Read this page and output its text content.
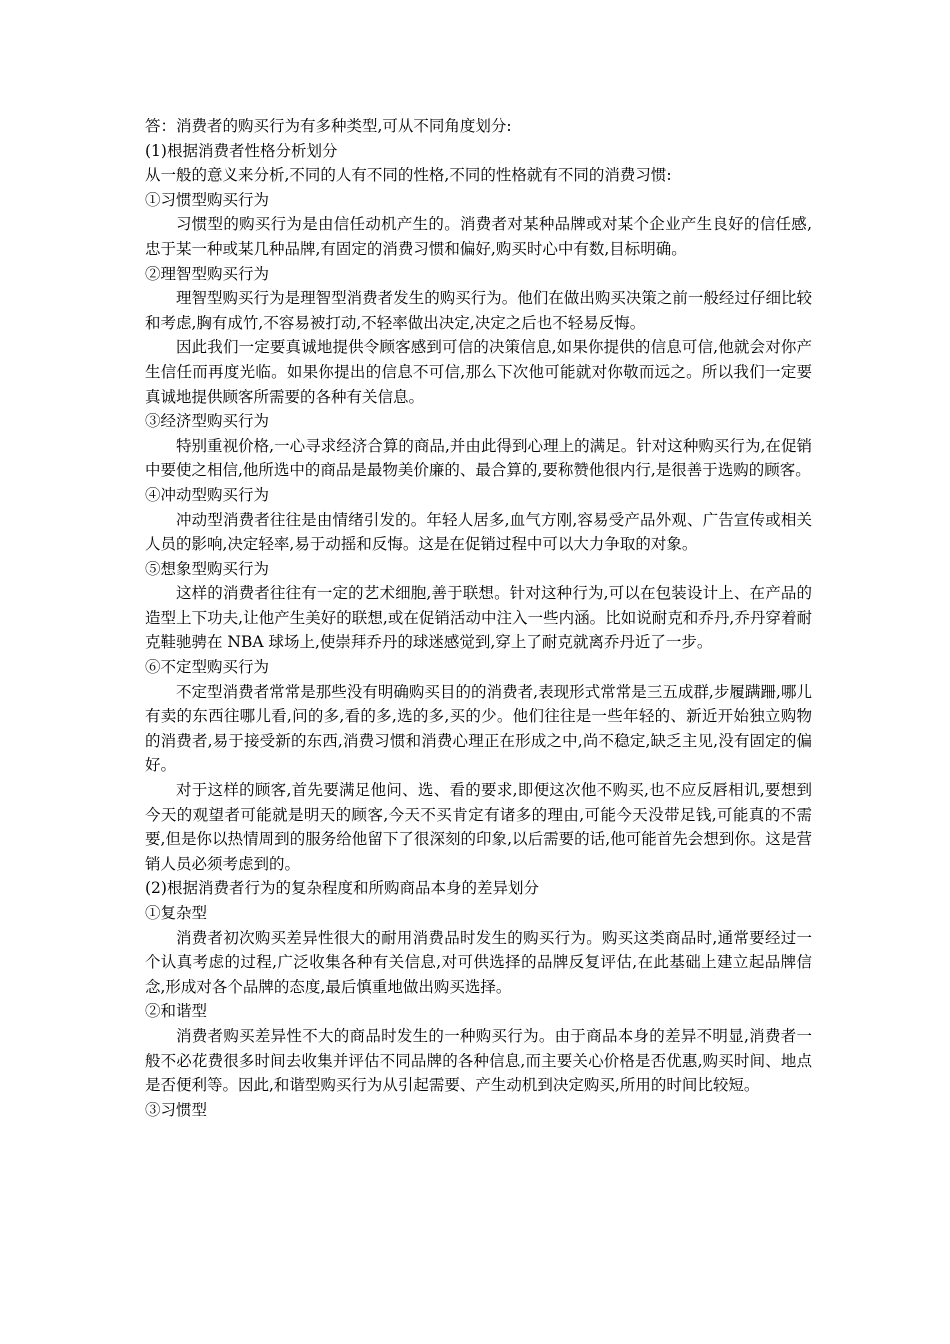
答：消费者的购买行为有多种类型,可从不同角度划分:

(1)根据消费者性格分析划分

从一般的意义来分析,不同的人有不同的性格,不同的性格就有不同的消费习惯:

①习惯型购买行为

习惯型的购买行为是由信任动机产生的。消费者对某种品牌或对某个企业产生良好的信任感,忠于某一种或某几种品牌,有固定的消费习惯和偏好,购买时心中有数,目标明确。

②理智型购买行为

理智型购买行为是理智型消费者发生的购买行为。他们在做出购买决策之前一般经过仔细比较和考虑,胸有成竹,不容易被打动,不轻率做出决定,决定之后也不轻易反悔。

因此我们一定要真诚地提供令顾客感到可信的决策信息,如果你提供的信息可信,他就会对你产生信任而再度光临。如果你提出的信息不可信,那么下次他可能就对你敬而远之。所以我们一定要真诚地提供顾客所需要的各种有关信息。

③经济型购买行为

特别重视价格,一心寻求经济合算的商品,并由此得到心理上的满足。针对这种购买行为,在促销中要使之相信,他所选中的商品是最物美价廉的、最合算的,要称赞他很内行,是很善于选购的顾客。

④冲动型购买行为

冲动型消费者往往是由情绪引发的。年轻人居多,血气方刚,容易受产品外观、广告宣传或相关人员的影响,决定轻率,易于动摇和反悔。这是在促销过程中可以大力争取的对象。

⑤想象型购买行为

这样的消费者往往有一定的艺术细胞,善于联想。针对这种行为,可以在包装设计上、在产品的造型上下功夫,让他产生美好的联想,或在促销活动中注入一些内涵。比如说耐克和乔丹,乔丹穿着耐克鞋驰骋在 NBA 球场上,使崇拜乔丹的球迷感觉到,穿上了耐克就离乔丹近了一步。

⑥不定型购买行为

不定型消费者常常是那些没有明确购买目的的消费者,表现形式常常是三五成群,步履蹒跚,哪儿有卖的东西往哪儿看,问的多,看的多,选的多,买的少。他们往往是一些年轻的、新近开始独立购物的消费者,易于接受新的东西,消费习惯和消费心理正在形成之中,尚不稳定,缺乏主见,没有固定的偏好。

对于这样的顾客,首先要满足他问、选、看的要求,即便这次他不购买,也不应反唇相讥,要想到今天的观望者可能就是明天的顾客,今天不买肯定有诸多的理由,可能今天没带足钱,可能真的不需要,但是你以热情周到的服务给他留下了很深刻的印象,以后需要的话,他可能首先会想到你。这是营销人员必须考虑到的。

(2)根据消费者行为的复杂程度和所购商品本身的差异划分

①复杂型

消费者初次购买差异性很大的耐用消费品时发生的购买行为。购买这类商品时,通常要经过一个认真考虑的过程,广泛收集各种有关信息,对可供选择的品牌反复评估,在此基础上建立起品牌信念,形成对各个品牌的态度,最后慎重地做出购买选择。

②和谐型

消费者购买差异性不大的商品时发生的一种购买行为。由于商品本身的差异不明显,消费者一般不必花费很多时间去收集并评估不同品牌的各种信息,而主要关心价格是否优惠,购买时间、地点是否便利等。因此,和谐型购买行为从引起需要、产生动机到决定购买,所用的时间比较短。

③习惯型
